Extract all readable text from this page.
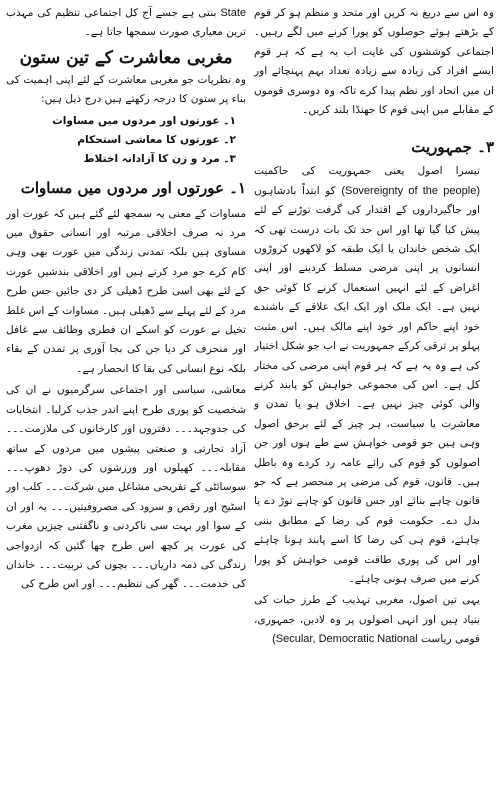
وہ اس سے دریغ نہ کریں اور متحد و منظم ہو کر قوم کے بڑھتے ہوئے حوصلوں کو پورا کرنے میں لگے رہیں۔ اجتماعی کوششوں کی غایت اب یہ ہے کہ ہر قوم ایسے افراد کی زیادہ سے زیادہ تعداد بہم پہنچائے اور ان میں اتحاد اور نظم پیدا کرے تاکہ وہ دوسری قوموں کے مقابلے میں اپنی قوم کا جھنڈا بلند کریں۔

۳۔ جمہوریت

تیسرا اصول یعنی جمہوریت کی حاکمیت (Sovereignty of the people) کو ابتداً بادشاہوں اور جاگیرداروں کے اقتدار کی گرفت توڑنے کے لئے پیش کیا گیا تھا اور اس حد تک بات درست تھی کہ ایک شخص خاندان یا ایک طبقہ کو لاکھوں کروڑوں انسانوں پر اپنی مرضی مسلط کردینے اور اپنی اغراض کے لئے انہیں استعمال کرنے کا کوئی حق نہیں ہے۔ ایک ملک اور ایک ایک علاقے کے باشندے خود اپنے حاکم اور خود اپنے مالک ہیں۔ اس مثبت پہلو پر ترقی کرکے جمہوریت نے اب جو شکل اختیار کی ہے وہ یہ ہے کہ ہر قوم اپنی مرضی کی مختار کل ہے۔ اس کی مجموعی خواہش کو پابند کرنے والی کوئی چیز نہیں ہے۔ اخلاق ہو یا تمدن و معاشرت یا سیاست، ہر چیز کے لئے برحق اصول وہی ہیں جو قومی خواہش سے طے ہوں اور جن اصولوں کو قوم کی رائے عامہ رد کردے وہ باطل ہیں۔ قانون، قوم کی مرضی پر منحصر ہے کہ جو قانون چاہے بنائے اور جس قانون کو چاہے توڑ دے یا بدل دے۔ حکومت قوم کی رضا کے مطابق بننی چاہئے، قوم ہی کی رضا کا اسے پابند ہونا چاہئے اور اس کی پوری طاقت قومی خواہش کو پورا کرنے میں صرف ہونی چاہئے۔

یہی تین اصول، مغربی تہذیب کے طرز حیات کی بنیاد ہیں اور انہی اصولوں پر وہ لادین، جمہوری، قومی ریاست (Secular, Democratic National

State بنتی ہے جسے آج کل اجتماعی تنظیم کی مہذب ترین معیاری صورت سمجھا جاتا ہے۔

مغربی معاشرت کے تین ستون

وہ نظریات جو مغربی معاشرت کے لئے اپنی اہمیت کی بناء پر ستون کا درجہ رکھتے ہیں درج ذیل ہیں:

۱۔ عورتوں اور مردوں میں مساوات
۲۔ عورتوں کا معاشی استحکام
۳۔ مرد و زن کا آزادانہ اختلاط
۱۔ عورتوں اور مردوں میں مساوات

مساوات کے معنی یہ سمجھ لئے گئے ہیں کہ عورت اور مرد نہ صرف اخلاقی مرتبہ اور انسانی حقوق میں مساوی ہیں بلکہ تمدنی زندگی میں عورت بھی وہی کام کرے جو مرد کرتے ہیں اور اخلاقی بندشیں عورت کے لئے بھی اسی طرح ڈھیلی کر دی جائیں جس طرح مرد کے لئے پہلے سے ڈھیلی ہیں۔ مساوات کے اس غلط تخیل نے عورت کو اسکے ان فطری وظائف سے غافل اور منحرف کر دیا جن کی بجا آوری پر تمدن کے بقاء بلکہ نوع انسانی کی بقا کا انحصار ہے۔

معاشی، سیاسی اور اجتماعی سرگرمیوں نے ان کی شخصیت کو پوری طرح اپنے اندر جذب کرلیا۔ انتخابات کی جدوجہد۔۔۔ دفتروں اور کارخانوں کی ملازمت۔۔۔ آزاد تجارتی و صنعتی پیشوں میں مردوں کے ساتھ مقابلہ۔۔۔ کھیلوں اور ورزشوں کی دوڑ دھوپ۔۔۔ سوسائٹی کے تفریحی مشاغل میں شرکت۔۔۔ کلب اور اسٹیج اور رقص و سرود کی مصروفیتیں۔۔۔ یہ اور ان کے سوا اور بہت سی ناکردنی و ناگفتنی چیزیں مغرب کی عورت پر کچھ اس طرح چھا گئیں کہ ازدواجی زندگی کی ذمہ داریاں۔۔۔ بچوں کی تربیت۔۔۔ خاندان کی خدمت۔۔۔ گھر کی تنظیم۔۔۔ اور اس طرح کی
